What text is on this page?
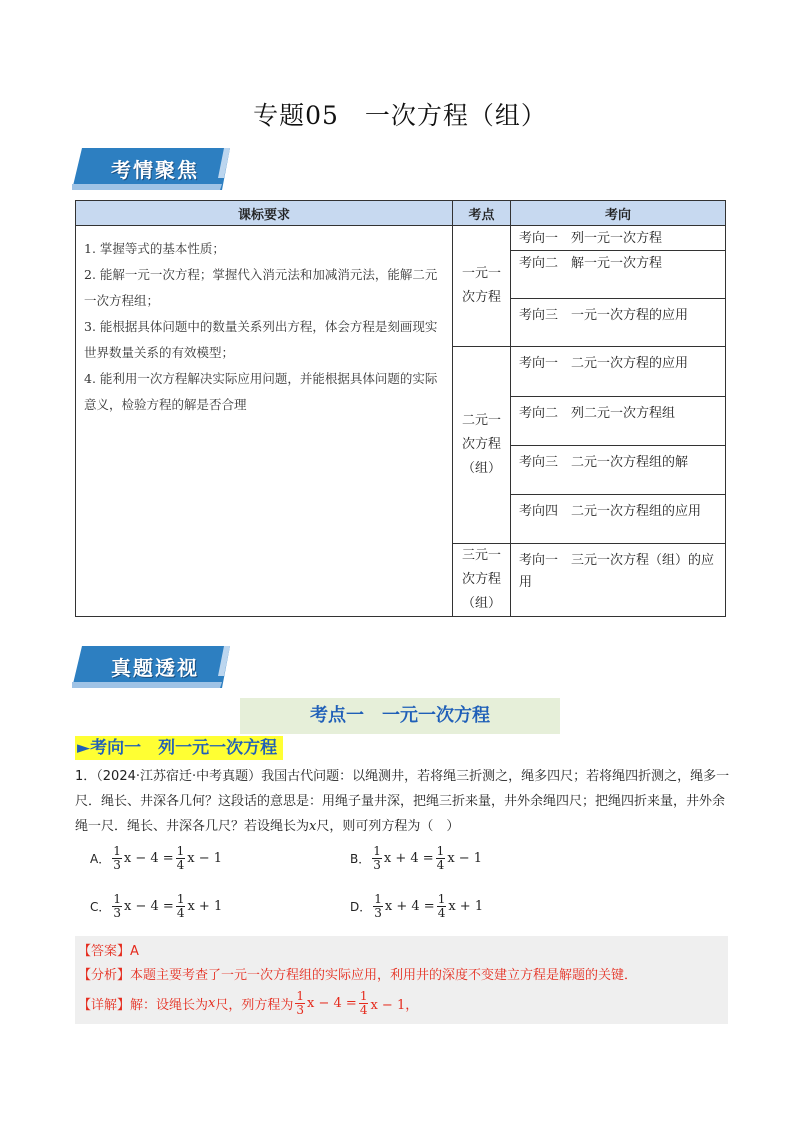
专题05　一次方程（组）
考情聚焦
课标要求	考点	考向

1. 掌握等式的基本性质；

2. 能解一元一次方程；掌握代入消元法和加减消元法，能解二元一次方程组；

3. 能根据具体问题中的数量关系列出方程，体会方程是刻画现实世界数量关系的有效模型；

4. 能利用一次方程解决实际应用问题，并能根据具体问题的实际意义，检验方程的解是否合理	一元一次方程	考向一　列一元一次方程
		考向二　解一元一次方程
		考向三　一元一次方程的应用

	二元一次方程（组）	考向一　二元一次方程的应用
		考向二　列二元一次方程组
		考向三　二元一次方程组的解
		考向四　二元一次方程组的应用

	三元一次方程（组）	考向一　三元一次方程（组）的应用
真题透视
考点一　一元一次方程
►考向一　列一元一次方程
1．（2024·江苏宿迁·中考真题）我国古代问题：以绳测井，若将绳三折测之，绳多四尺；若将绳四折测之，绳多一尺．绳长、井深各几何？这段话的意思是：用绳子量井深，把绳三折来量，井外余绳四尺；把绳四折来量，井外余绳一尺．绳长、井深各几尺？若设绳长为x尺，则可列方程为（　）
A． $\frac{1}{3}$ $x - 4 = \frac{1}{4}$ x − 1	B． $\frac{1}{3}$ $x + 4 = \frac{1}{4}$ x − 1
C． $\frac{1}{3}$ $x - 4 = \frac{1}{4}$ x + 1	D． $\frac{1}{3}$ $x + 4 = \frac{1}{4}$ x + 1
【答案】A
【分析】本题主要考查了一元一次方程组的实际应用，利用井的深度不变建立方程是解题的关键．
【详解】解：设绳长为 x 尺，列方程为 $\frac{1}{3}$ $x - 4 = \frac{1}{4}$ x − 1，
